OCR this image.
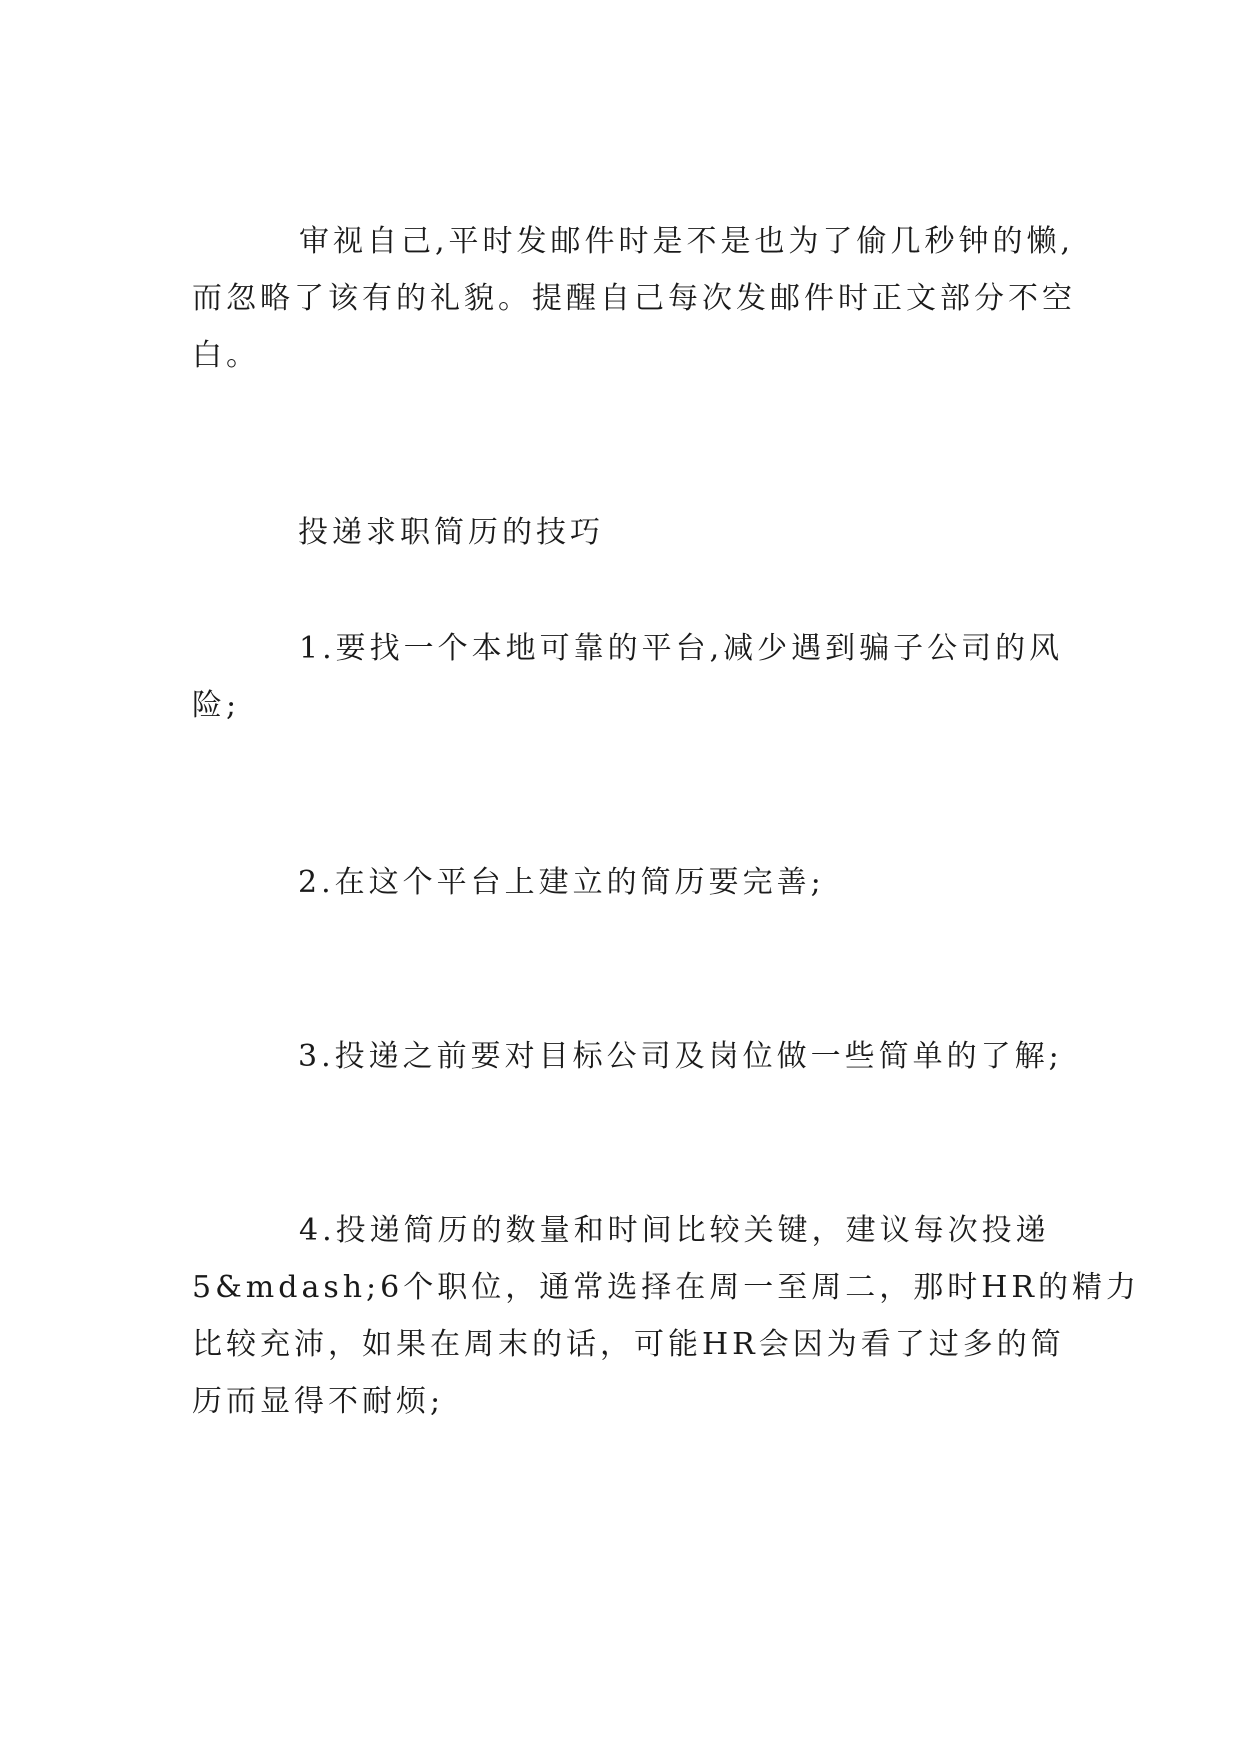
审视自己,平时发邮件时是不是也为了偷几秒钟的懒,
而忽略了该有的礼貌。提醒自己每次发邮件时正文部分不空
白。

投递求职简历的技巧

1.要找一个本地可靠的平台,减少遇到骗子公司的风
险;

2.在这个平台上建立的简历要完善;

3.投递之前要对目标公司及岗位做一些简单的了解;

4.投递简历的数量和时间比较关键，建议每次投递
5&mdash;6个职位，通常选择在周一至周二，那时HR的精力
比较充沛，如果在周末的话，可能HR会因为看了过多的简
历而显得不耐烦;
